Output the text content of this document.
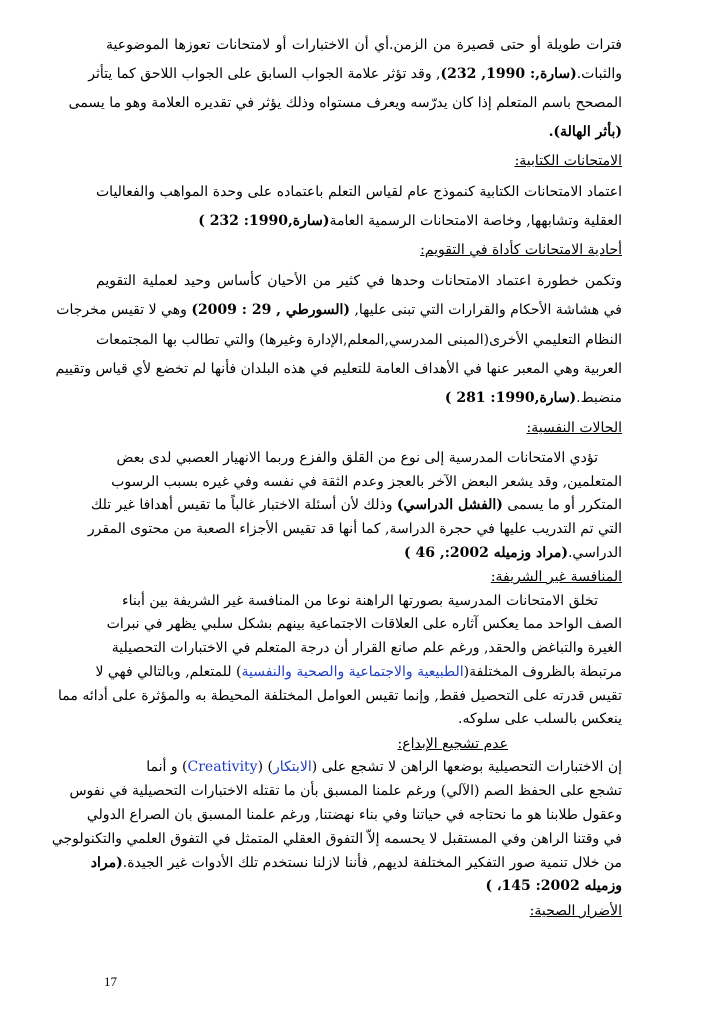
فترات طويلة أو حتى قصيرة من الزمن.أي أن الاختبارات أو لامتحانات تعوزها الموضوعية
والثبات.(سارة,: 1990, 232), وقد تؤثر علامة الجواب السابق على الجواب اللاحق كما يتأثر
المصحح باسم المتعلم إذا كان يدرّسه ويعرف مستواه وذلك يؤثر في تقديره العلامة وهو ما يسمى
(بأثر الهالة).
الامتحانات الكتابية:
اعتماد الامتحانات الكتابية كنموذج عام لقياس التعلم باعتماده على وحدة المواهب والفعاليات
العقلية وتشابهها, وخاصة الامتحانات الرسمية العامة(سارة,1990: 232 )
أحادية الامتحانات كأداة في التقويم:
وتكمن خطورة اعتماد الامتحانات وحدها في كثير من الأحيان كأساس وحيد لعملية التقويم
في هشاشة الأحكام والقرارات التي تبنى عليها, (السورطي , 29 : 2009) وهي لا تقيس مخرجات
النظام التعليمي الأخرى(المبنى المدرسي,المعلم,الإدارة وغيرها) والتي تطالب بها المجتمعات
العربية وهي المعبر عنها في الأهداف العامة للتعليم في هذه البلدان فأنها لم تخضع لأي قياس وتقييم
منضبط.(سارة,1990: 281 )
الحالات النفسية:
تؤدي الامتحانات المدرسية إلى نوع من القلق والفزع وربما الانهيار العصبي لدى بعض
المتعلمين, وقد يشعر البعض الآخر بالعجز وعدم الثقة في نفسه وفي غيره بسبب الرسوب
المتكرر أو ما يسمى (الفشل الدراسي) وذلك لأن أسئلة الاختبار غالباً ما تقيس أهدافا غير تلك
التي تم التدريب عليها في حجرة الدراسة, كما أنها قد تقيس الأجزاء الصعبة من محتوى المقرر
الدراسي.(مراد وزميله 2002:, 46 )
المنافسة غير الشريفة:
تخلق الامتحانات المدرسية بصورتها الراهنة نوعا من المنافسة غير الشريفة بين أبناء
الصف الواحد مما يعكس آثاره على العلاقات الاجتماعية بينهم بشكل سلبي يظهر في نبرات
الغيرة والتباغض والحقد, ورغم علم صانع القرار أن درجة المتعلم في الاختبارات التحصيلية
مرتبطة بالظروف المختلفة(الطبيعية والاجتماعية والصحية والنفسية) للمتعلم, وبالتالي فهي لا
تقيس قدرته على التحصيل فقط, وإنما تقيس العوامل المختلفة المحيطة به والمؤثرة على أدائه مما
ينعكس بالسلب على سلوكه.
عدم تشجيع الإبداع:
إن الاختبارات التحصيلية بوضعها الراهن لا تشجع على (الابتكار) (Creativity) و أنما
تشجع على الحفظ الصم (الآلي) ورغم علمنا المسبق بأن ما تقتله الاختبارات التحصيلية في نفوس
وعقول طلابنا هو ما نحتاجه في حياتنا وفي بناء نهضتنا, ورغم علمنا المسبق بان الصراع الدولي
في وقتنا الراهن وفي المستقبل لا يحسمه إلاّ التفوق العقلي المتمثل في التفوق العلمي والتكنولوجي
من خلال تنمية صور التفكير المختلفة لديهم, فأننا لازلنا نستخدم تلك الأدوات غير الجيدة.(مراد
وزميله 2002: 145، )
الأضرار الصحية:
17
